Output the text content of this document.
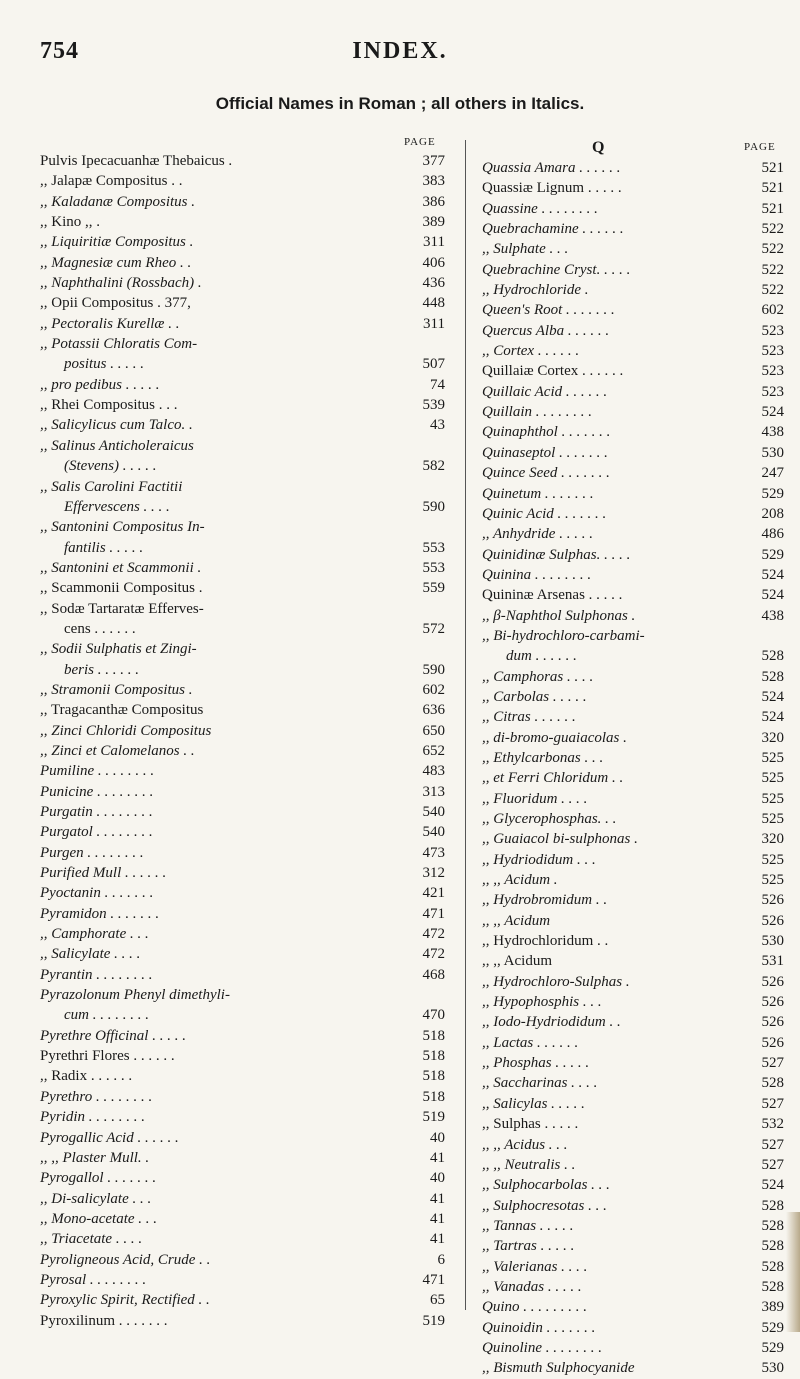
754	INDEX.
Official Names in Roman ; all others in Italics.
PAGE	Q	PAGE
Pulvis Ipecacuanhæ Thebaicus .	377
,, Jalapæ Compositus . .	383
,, Kaladanæ Compositus .	386
,, Kino ,, .	389
,, Liquiritiæ Compositus .	311
,, Magnesiæ cum Rheo . .	406
,, Naphthalini (Rossbach) .	436
,, Opii Compositus . 377,	448
,, Pectoralis Kurellæ . .	311
,, Potassii Chloratis Com-
positus . . . . .	507
,, pro pedibus . . . . .	74
,, Rhei Compositus . . .	539
,, Salicylicus cum Talco. .	43
,, Salinus Anticholeraicus
(Stevens) . . . . .	582
,, Salis Carolini Factitii
Effervescens . . . .	590
,, Santonini Compositus In-
fantilis . . . . .	553
,, Santonini et Scammonii .	553
,, Scammonii Compositus .	559
,, Sodæ Tartaratæ Efferves-
cens . . . . . .	572
,, Sodii Sulphatis et Zingi-
beris . . . . . .	590
,, Stramonii Compositus .	602
,, Tragacanthæ Compositus	636
,, Zinci Chloridi Compositus	650
,, Zinci et Calomelanos . .	652
Pumiline . . . . . . . .	483
Punicine . . . . . . . .	313
Purgatin . . . . . . . .	540
Purgatol . . . . . . . .	540
Purgen . . . . . . . .	473
Purified Mull . . . . . .	312
Pyoctanin . . . . . . .	421
Pyramidon . . . . . . .	471
,, Camphorate . . .	472
,, Salicylate . . . .	472
Pyrantin . . . . . . . .	468
Pyrazolonum Phenyl dimethyli-
cum . . . . . . . .	470
Pyrethre Officinal . . . . .	518
Pyrethri Flores . . . . . .	518
,, Radix . . . . . .	518
Pyrethro . . . . . . . .	518
Pyridin . . . . . . . .	519
Pyrogallic Acid . . . . . .	40
,, ,, Plaster Mull. .	41
Pyrogallol . . . . . . .	40
,, Di-salicylate . . .	41
,, Mono-acetate . . .	41
,, Triacetate . . . .	41
Pyroligneous Acid, Crude . .	6
Pyrosal . . . . . . . .	471
Pyroxylic Spirit, Rectified . .	65
Pyroxilinum . . . . . . .	519
Quassia Amara . . . . . .	521
Quassiæ Lignum . . . . .	521
Quassine . . . . . . . .	521
Quebrachamine . . . . . .	522
,, Sulphate . . .	522
Quebrachine Cryst. . . . .	522
,, Hydrochloride .	522
Queen's Root . . . . . . .	602
Quercus Alba . . . . . .	523
,, Cortex . . . . . .	523
Quillaiæ Cortex . . . . . .	523
Quillaic Acid . . . . . .	523
Quillain . . . . . . . .	524
Quinaphthol . . . . . . .	438
Quinaseptol . . . . . . .	530
Quince Seed . . . . . . .	247
Quinetum . . . . . . .	529
Quinic Acid . . . . . . .	208
,, Anhydride . . . . .	486
Quinidinæ Sulphas. . . . .	529
Quinina . . . . . . . .	524
Quininæ Arsenas . . . . .	524
,, β-Naphthol Sulphonas .	438
,, Bi-hydrochloro-carbami-
dum . . . . . .	528
,, Camphoras . . . .	528
,, Carbolas . . . . .	524
,, Citras . . . . . .	524
,, di-bromo-guaiacolas .	320
,, Ethylcarbonas . . .	525
,, et Ferri Chloridum . .	525
,, Fluoridum . . . .	525
,, Glycerophosphas. . .	525
,, Guaiacol bi-sulphonas .	320
,, Hydriodidum . . .	525
,, ,, Acidum .	525
,, Hydrobromidum . .	526
,, ,, Acidum	526
,, Hydrochloridum . .	530
,, ,, Acidum	531
,, Hydrochloro-Sulphas .	526
,, Hypophosphis . . .	526
,, Iodo-Hydriodidum . .	526
,, Lactas . . . . . .	526
,, Phosphas . . . . .	527
,, Saccharinas . . . .	528
,, Salicylas . . . . .	527
,, Sulphas . . . . .	532
,, ,, Acidus . . .	527
,, ,, Neutralis . .	527
,, Sulphocarbolas . . .	524
,, Sulphocresotas . . .	528
,, Tannas . . . . .	528
,, Tartras . . . . .	528
,, Valerianas . . . .	528
,, Vanadas . . . . .	528
Quino . . . . . . . . .	389
Quinoidin . . . . . . .	529
Quinoline . . . . . . . .	529
,, Bismuth Sulphocyanide	530
